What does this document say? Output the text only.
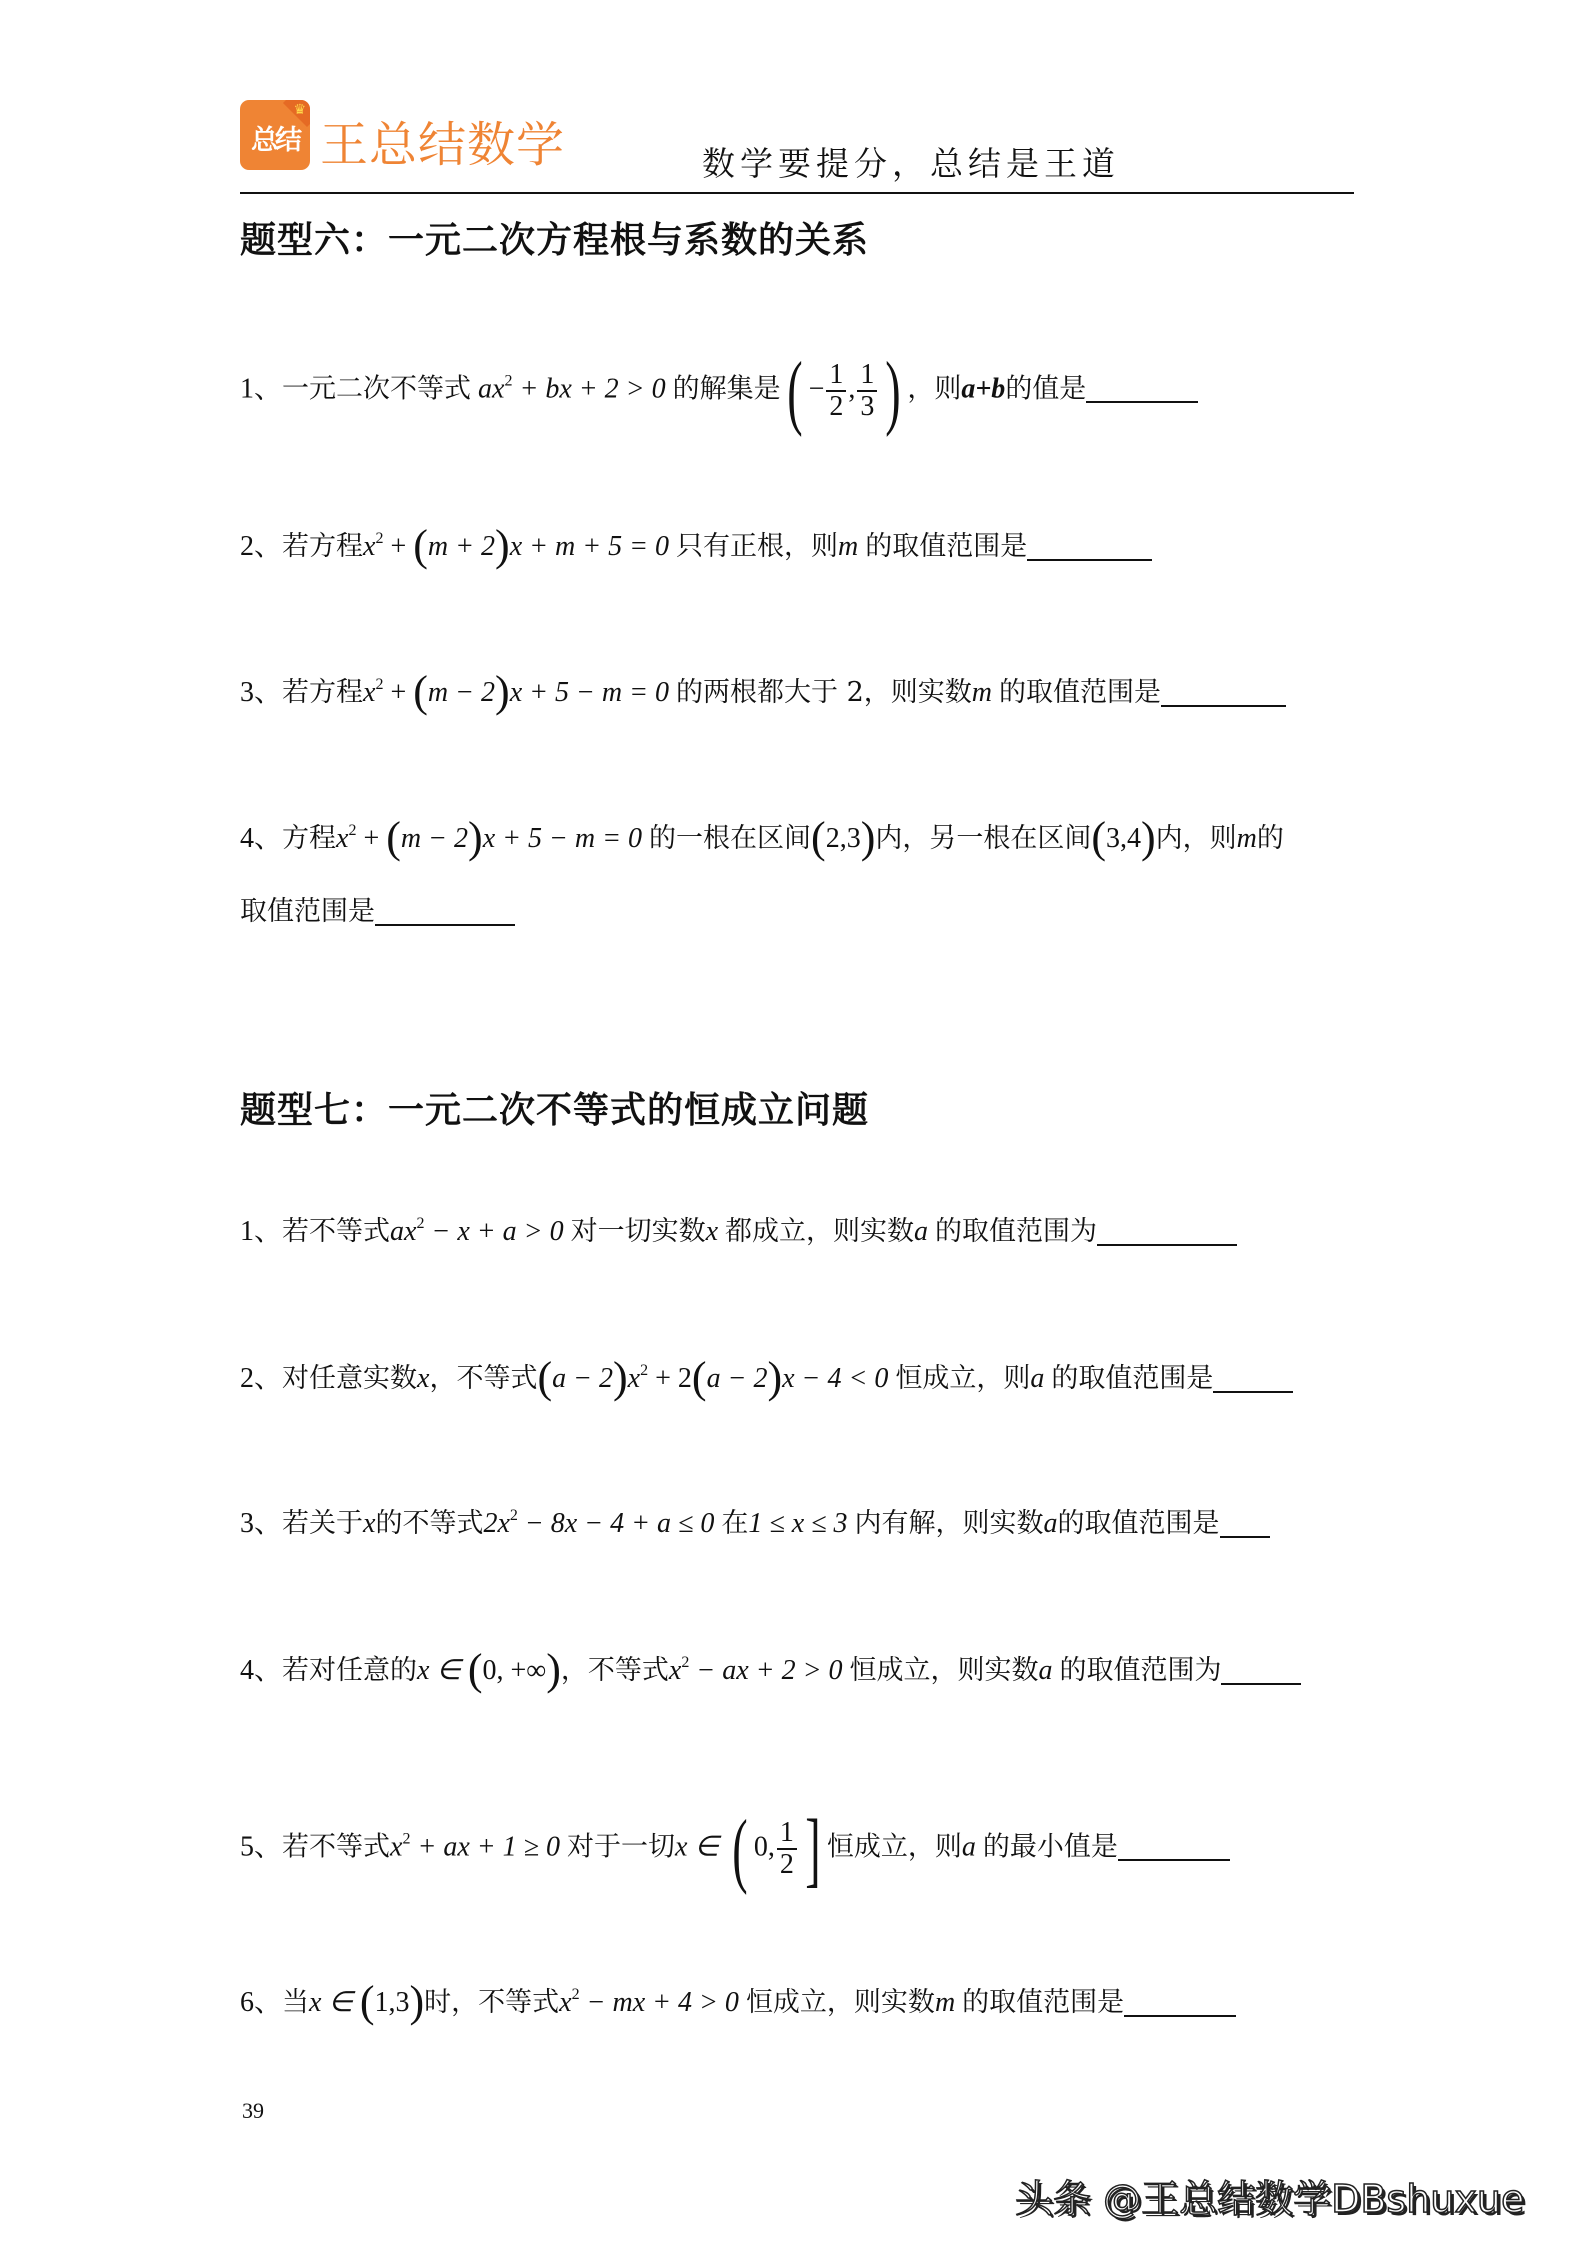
♛
总结 王总结数学	数学要提分，总结是王道
题型六：一元二次方程根与系数的关系
1、一元二次不等式 $ax^2$ + bx + 2 > 0 的解集是( − $\frac{1}{2}$ , $\frac{1}{3}$ ) ，则a+b的值是
2、若方程$x^2 + (m + 2)x + m + 5 = 0$ 只有正根，则m 的取值范围是
3、若方程$x^2 + (m - 2)x + 5 - m = 0$ 的两根都大于 2，则实数m 的取值范围是
4、方程$x^2 + (m - 2)x + 5 - m = 0$ 的一根在区间(2,3)内，另一根在区间(3,4)内，则m的
取值范围是
题型七：一元二次不等式的恒成立问题
1、若不等式$ax^2 - x + a > 0$ 对一切实数x 都成立，则实数a 的取值范围为
2、对任意实数x，不等式$(a - 2)x^2 + 2(a - 2)x - 4 < 0$ 恒成立，则a 的取值范围是
3、若关于x的不等式$2x^2 - 8x - 4 + a \le 0$ 在1 ≤ x ≤ 3 内有解，则实数a的取值范围是
4、若对任意的x ∈ (0, +∞)，不等式$x^2$ − ax + 2 > 0 恒成立，则实数a 的取值范围为
5、若不等式$x^2$ + ax + 1 ≥ 0 对于一切x ∈ ( 0, $\frac{1}{2}$ ] 恒成立，则a 的最小值是
6、当x ∈ (1,3)时，不等式$x^2$ − mx + 4 > 0 恒成立，则实数m 的取值范围是
39
头条 @王总结数学DBshuxue
